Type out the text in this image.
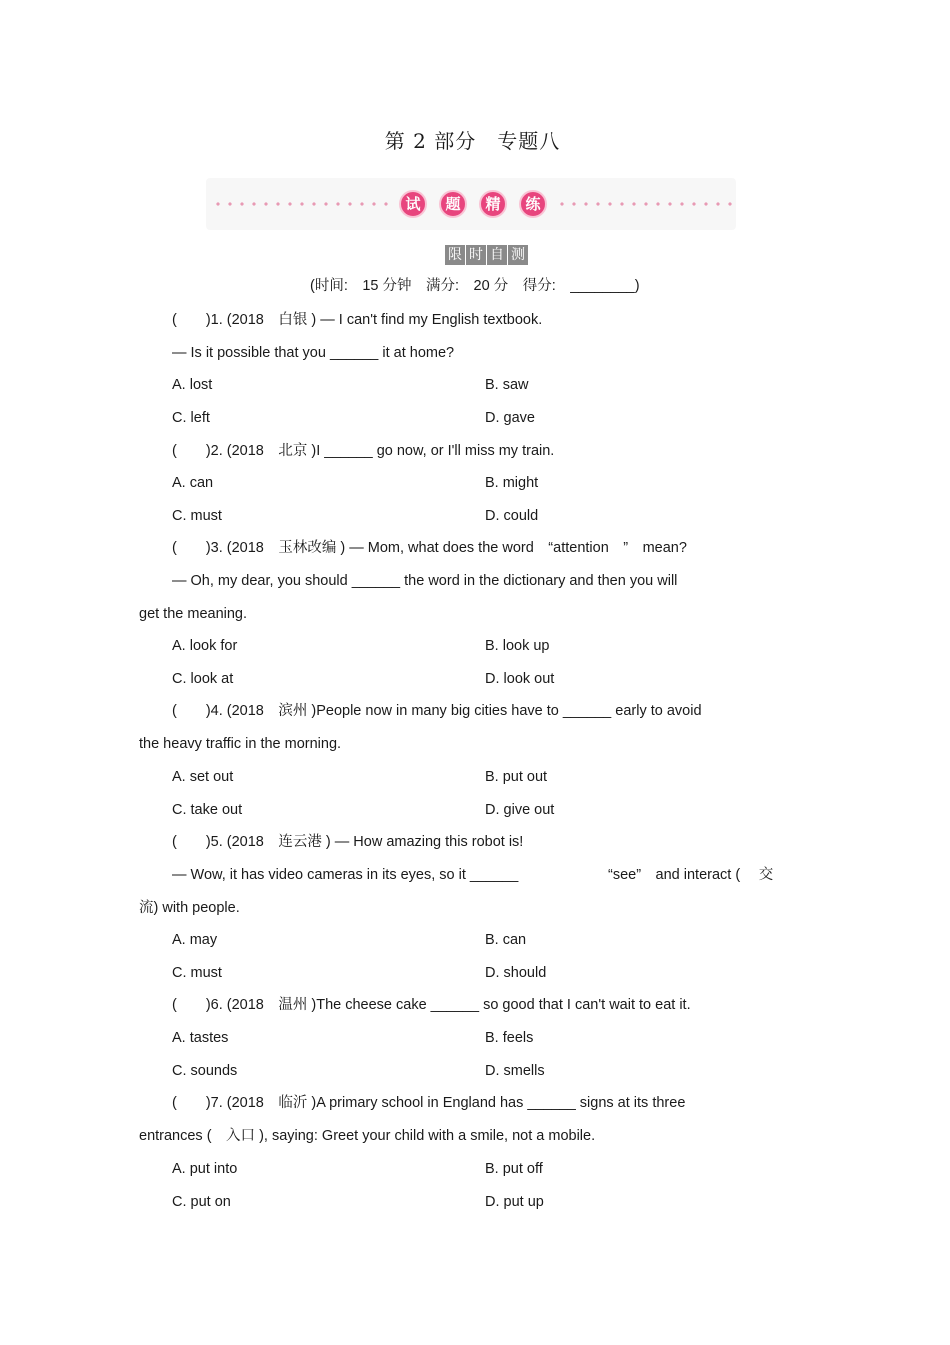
第 2 部分　专题八
试	题	精	练
限 时 自 测
(时间:　15 分钟　满分:　20 分　得分:　________)
(　　)1. (2018　白银 ) — I can't find my English textbook.
— Is it possible that you ______ it at home?
A. lost	B. saw
C. left	D. gave
(　　)2. (2018　北京 )I ______ go now, or I'll miss my train.
A. can	B. might
C. must	D. could
(　　)3. (2018　玉林改编 ) — Mom, what does the word　“attention　”　mean?
— Oh, my dear, you should ______ the word in the dictionary and then you will
get the meaning.
A. look for	B. look up
C. look at	D. look out
(　　)4. (2018　滨州 )People now in many big cities have to ______ early to avoid
the heavy traffic in the morning.
A. set out	B. put out
C. take out	D. give out
(　　)5. (2018　连云港 ) — How amazing this robot is!
— Wow, it has video cameras in its eyes, so it ______	“see”　and interact (　 交
流) with people.
A. may	B. can
C. must	D. should
(　　)6. (2018　温州 )The cheese cake ______ so good that I can't wait to eat it.
A. tastes	B. feels
C. sounds	D. smells
(　　)7. (2018　临沂 )A primary school in England has ______ signs at its three
entrances (　入口 ), saying: Greet your child with a smile, not a mobile.
A. put into	B. put off
C. put on	D. put up
